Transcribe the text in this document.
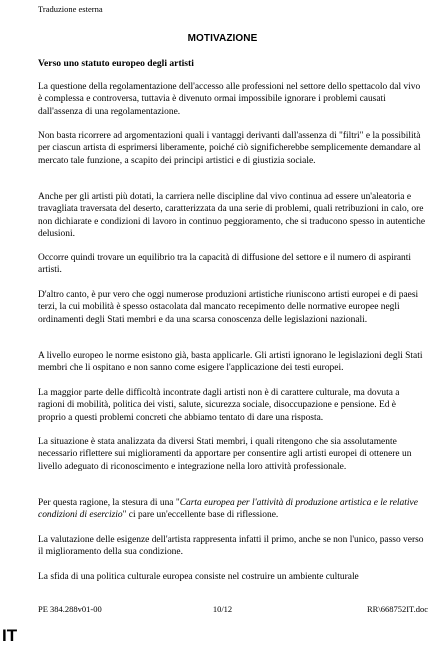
Traduzione esterna
MOTIVAZIONE
Verso uno statuto europeo degli artisti

La questione della regolamentazione dell'accesso alle professioni nel settore dello spettacolo dal vivo è complessa e controversa, tuttavia è divenuto ormai impossibile ignorare i problemi causati dall'assenza di una regolamentazione.

Non basta ricorrere ad argomentazioni quali i vantaggi derivanti dall'assenza di "filtri" e la possibilità per ciascun artista di esprimersi liberamente, poiché ciò significherebbe semplicemente demandare al mercato tale funzione, a scapito dei principi artistici e di giustizia sociale.

Anche per gli artisti più dotati, la carriera nelle discipline dal vivo continua ad essere un'aleatoria e travagliata traversata del deserto, caratterizzata da una serie di problemi, quali retribuzioni in calo, ore non dichiarate e condizioni di lavoro in continuo peggioramento, che si traducono spesso in autentiche delusioni.

Occorre quindi trovare un equilibrio tra la capacità di diffusione del settore e il numero di aspiranti artisti.

D'altro canto, è pur vero che oggi numerose produzioni artistiche riuniscono artisti europei e di paesi terzi, la cui mobilità è spesso ostacolata dal mancato recepimento delle normative europee negli ordinamenti degli Stati membri e da una scarsa conoscenza delle legislazioni nazionali.

A livello europeo le norme esistono già, basta applicarle. Gli artisti ignorano le legislazioni degli Stati membri che li ospitano e non sanno come esigere l'applicazione dei testi europei.

La maggior parte delle difficoltà incontrate dagli artisti non è di carattere culturale, ma dovuta a ragioni di mobilità, politica dei visti, salute, sicurezza sociale, disoccupazione e pensione. Ed è proprio a questi problemi concreti che abbiamo tentato di dare una risposta.

La situazione è stata analizzata da diversi Stati membri, i quali ritengono che sia assolutamente necessario riflettere sui miglioramenti da apportare per consentire agli artisti europei di ottenere un livello adeguato di riconoscimento e integrazione nella loro attività professionale.

Per questa ragione, la stesura di una "Carta europea per l'attività di produzione artistica e le relative condizioni di esercizio" ci pare un'eccellente base di riflessione.

La valutazione delle esigenze dell'artista rappresenta infatti il primo, anche se non l'unico, passo verso il miglioramento della sua condizione.

La sfida di una politica culturale europea consiste nel costruire un ambiente culturale

PE 384.288v01-00	10/12	RR\668752IT.doc
IT
